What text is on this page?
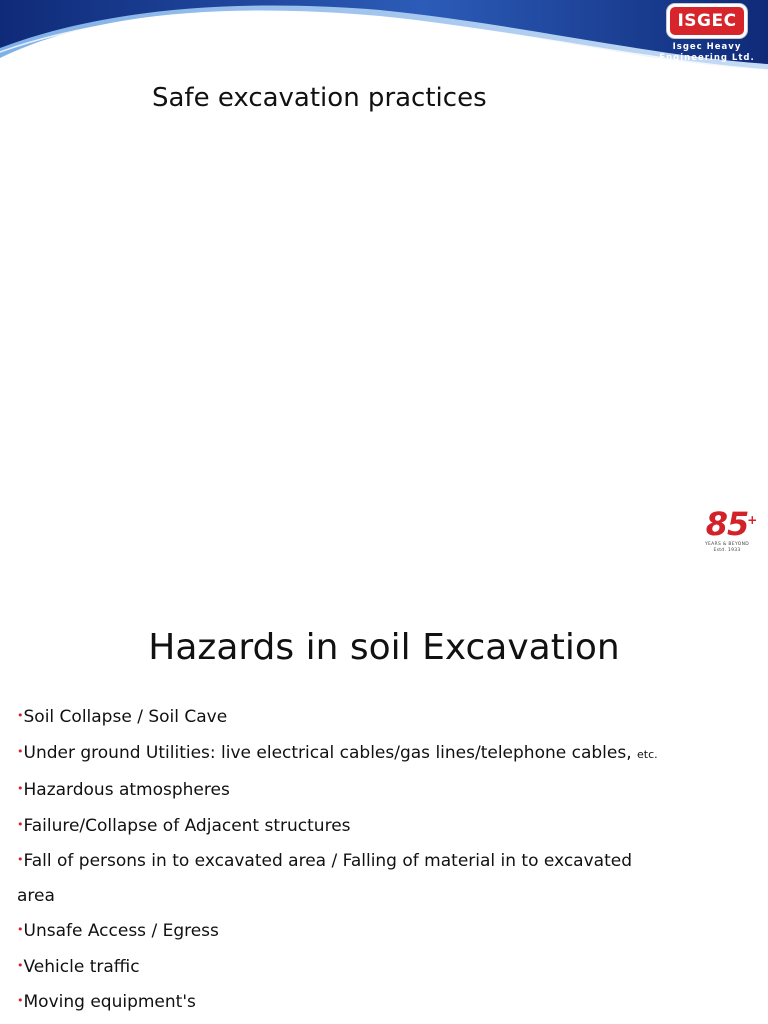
ISGEC
Isgec Heavy
Engineering Ltd.
Safe excavation practices
85
+
YEARS & BEYOND
Estd. 1933
Hazards in soil Excavation
•Soil Collapse / Soil Cave
•Under ground Utilities: live electrical cables/gas lines/telephone cables, etc.
•Hazardous atmospheres
•Failure/Collapse of Adjacent structures
•Fall of persons in to excavated area / Falling of material in to excavated
area
•Unsafe Access / Egress
•Vehicle traffic
•Moving equipment's
